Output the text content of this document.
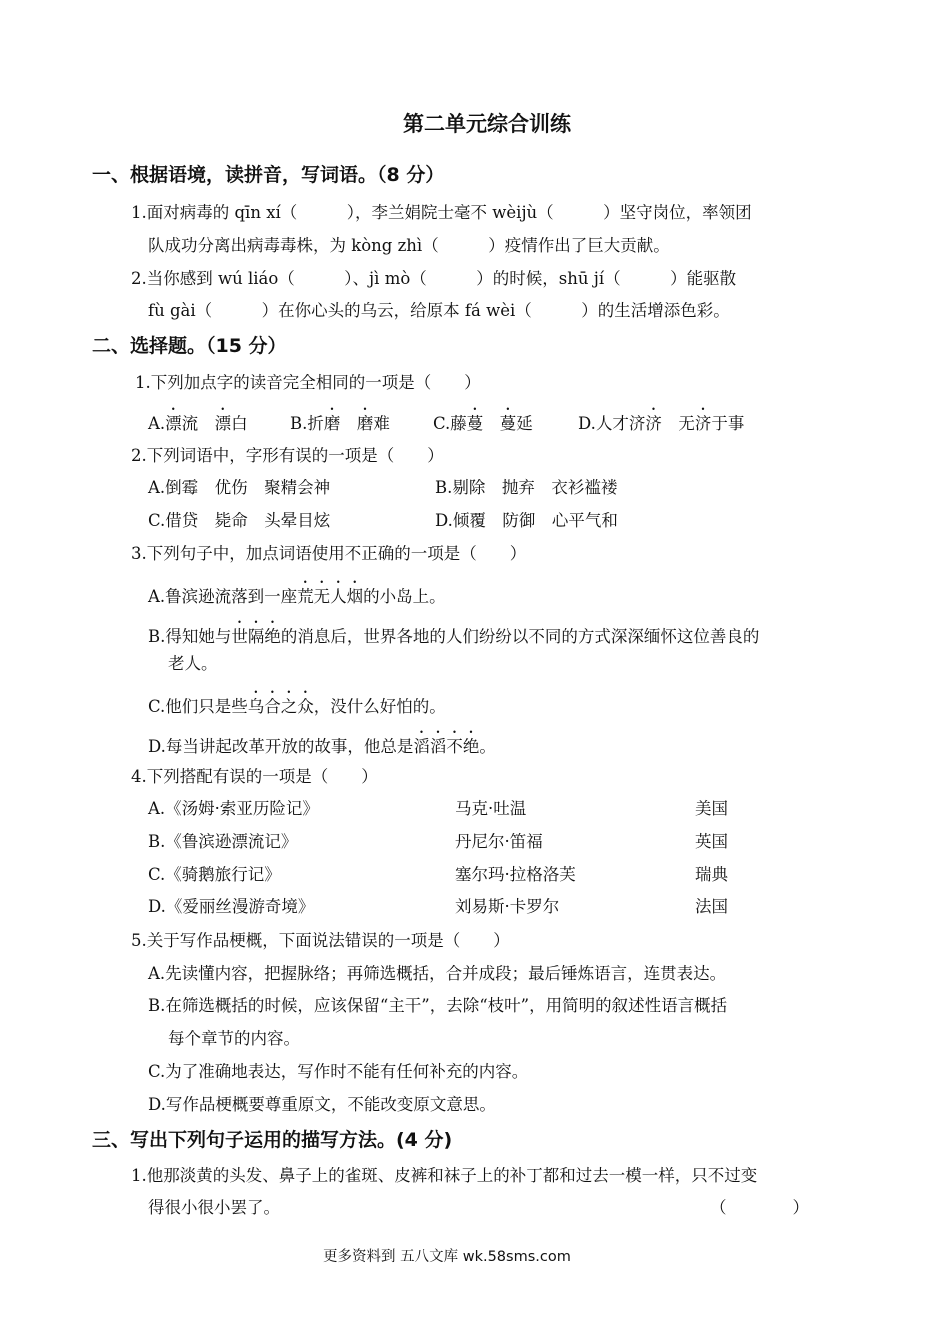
第二单元综合训练
一、根据语境，读拼音，写词语。（8 分）
1.面对病毒的 qīn xí（　　　），李兰娟院士毫不 wèijù（　　　）坚守岗位，率领团
队成功分离出病毒毒株，为 kòng zhì（　　　）疫情作出了巨大贡献。
2.当你感到 wú liáo（　　　）、jì mò（　　　）的时候，shū jí（　　　）能驱散
fù gài（　　　）在你心头的乌云，给原本 fá wèi（　　　）的生活增添色彩。
二、选择题。（15 分）
1.下列加点字的读音完全相同的一项是（　　）
A.漂流　 漂白	B.折磨　 磨难	C.藤蔓　 蔓延	D.人才济济　 无济于事
2.下列词语中，字形有误的一项是（　　）
A.倒霉　优伤　聚精会神	B.剔除　抛弃　衣衫褴褛
C.借贷　毙命　头晕目炫	D.倾覆　防御　心平气和
3.下列句子中，加点词语使用不正确的一项是（　　）
A.鲁滨逊流落到一座荒无人烟的小岛上。
B.得知她与世隔绝的消息后，世界各地的人们纷纷以不同的方式深深缅怀这位善良的
老人。
C.他们只是些乌合之众，没什么好怕的。
D.每当讲起改革开放的故事，他总是滔滔不绝。
4.下列搭配有误的一项是（　　）
A.《汤姆·索亚历险记》	马克·吐温	美国
B.《鲁滨逊漂流记》	丹尼尔·笛福	英国
C.《骑鹅旅行记》	塞尔玛·拉格洛芙	瑞典
D.《爱丽丝漫游奇境》	刘易斯·卡罗尔	法国
5.关于写作品梗概，下面说法错误的一项是（　　）
A.先读懂内容，把握脉络；再筛选概括，合并成段；最后锤炼语言，连贯表达。
B.在筛选概括的时候，应该保留“主干”，去除“枝叶”，用简明的叙述性语言概括
每个章节的内容。
C.为了准确地表达，写作时不能有任何补充的内容。
D.写作品梗概要尊重原文，不能改变原文意思。
三、写出下列句子运用的描写方法。(4 分)
1.他那淡黄的头发、鼻子上的雀斑、皮裤和袜子上的补丁都和过去一模一样，只不过变
得很小很小罢了。	（　　　　）
更多资料到 五八文库 wk.58sms.com
